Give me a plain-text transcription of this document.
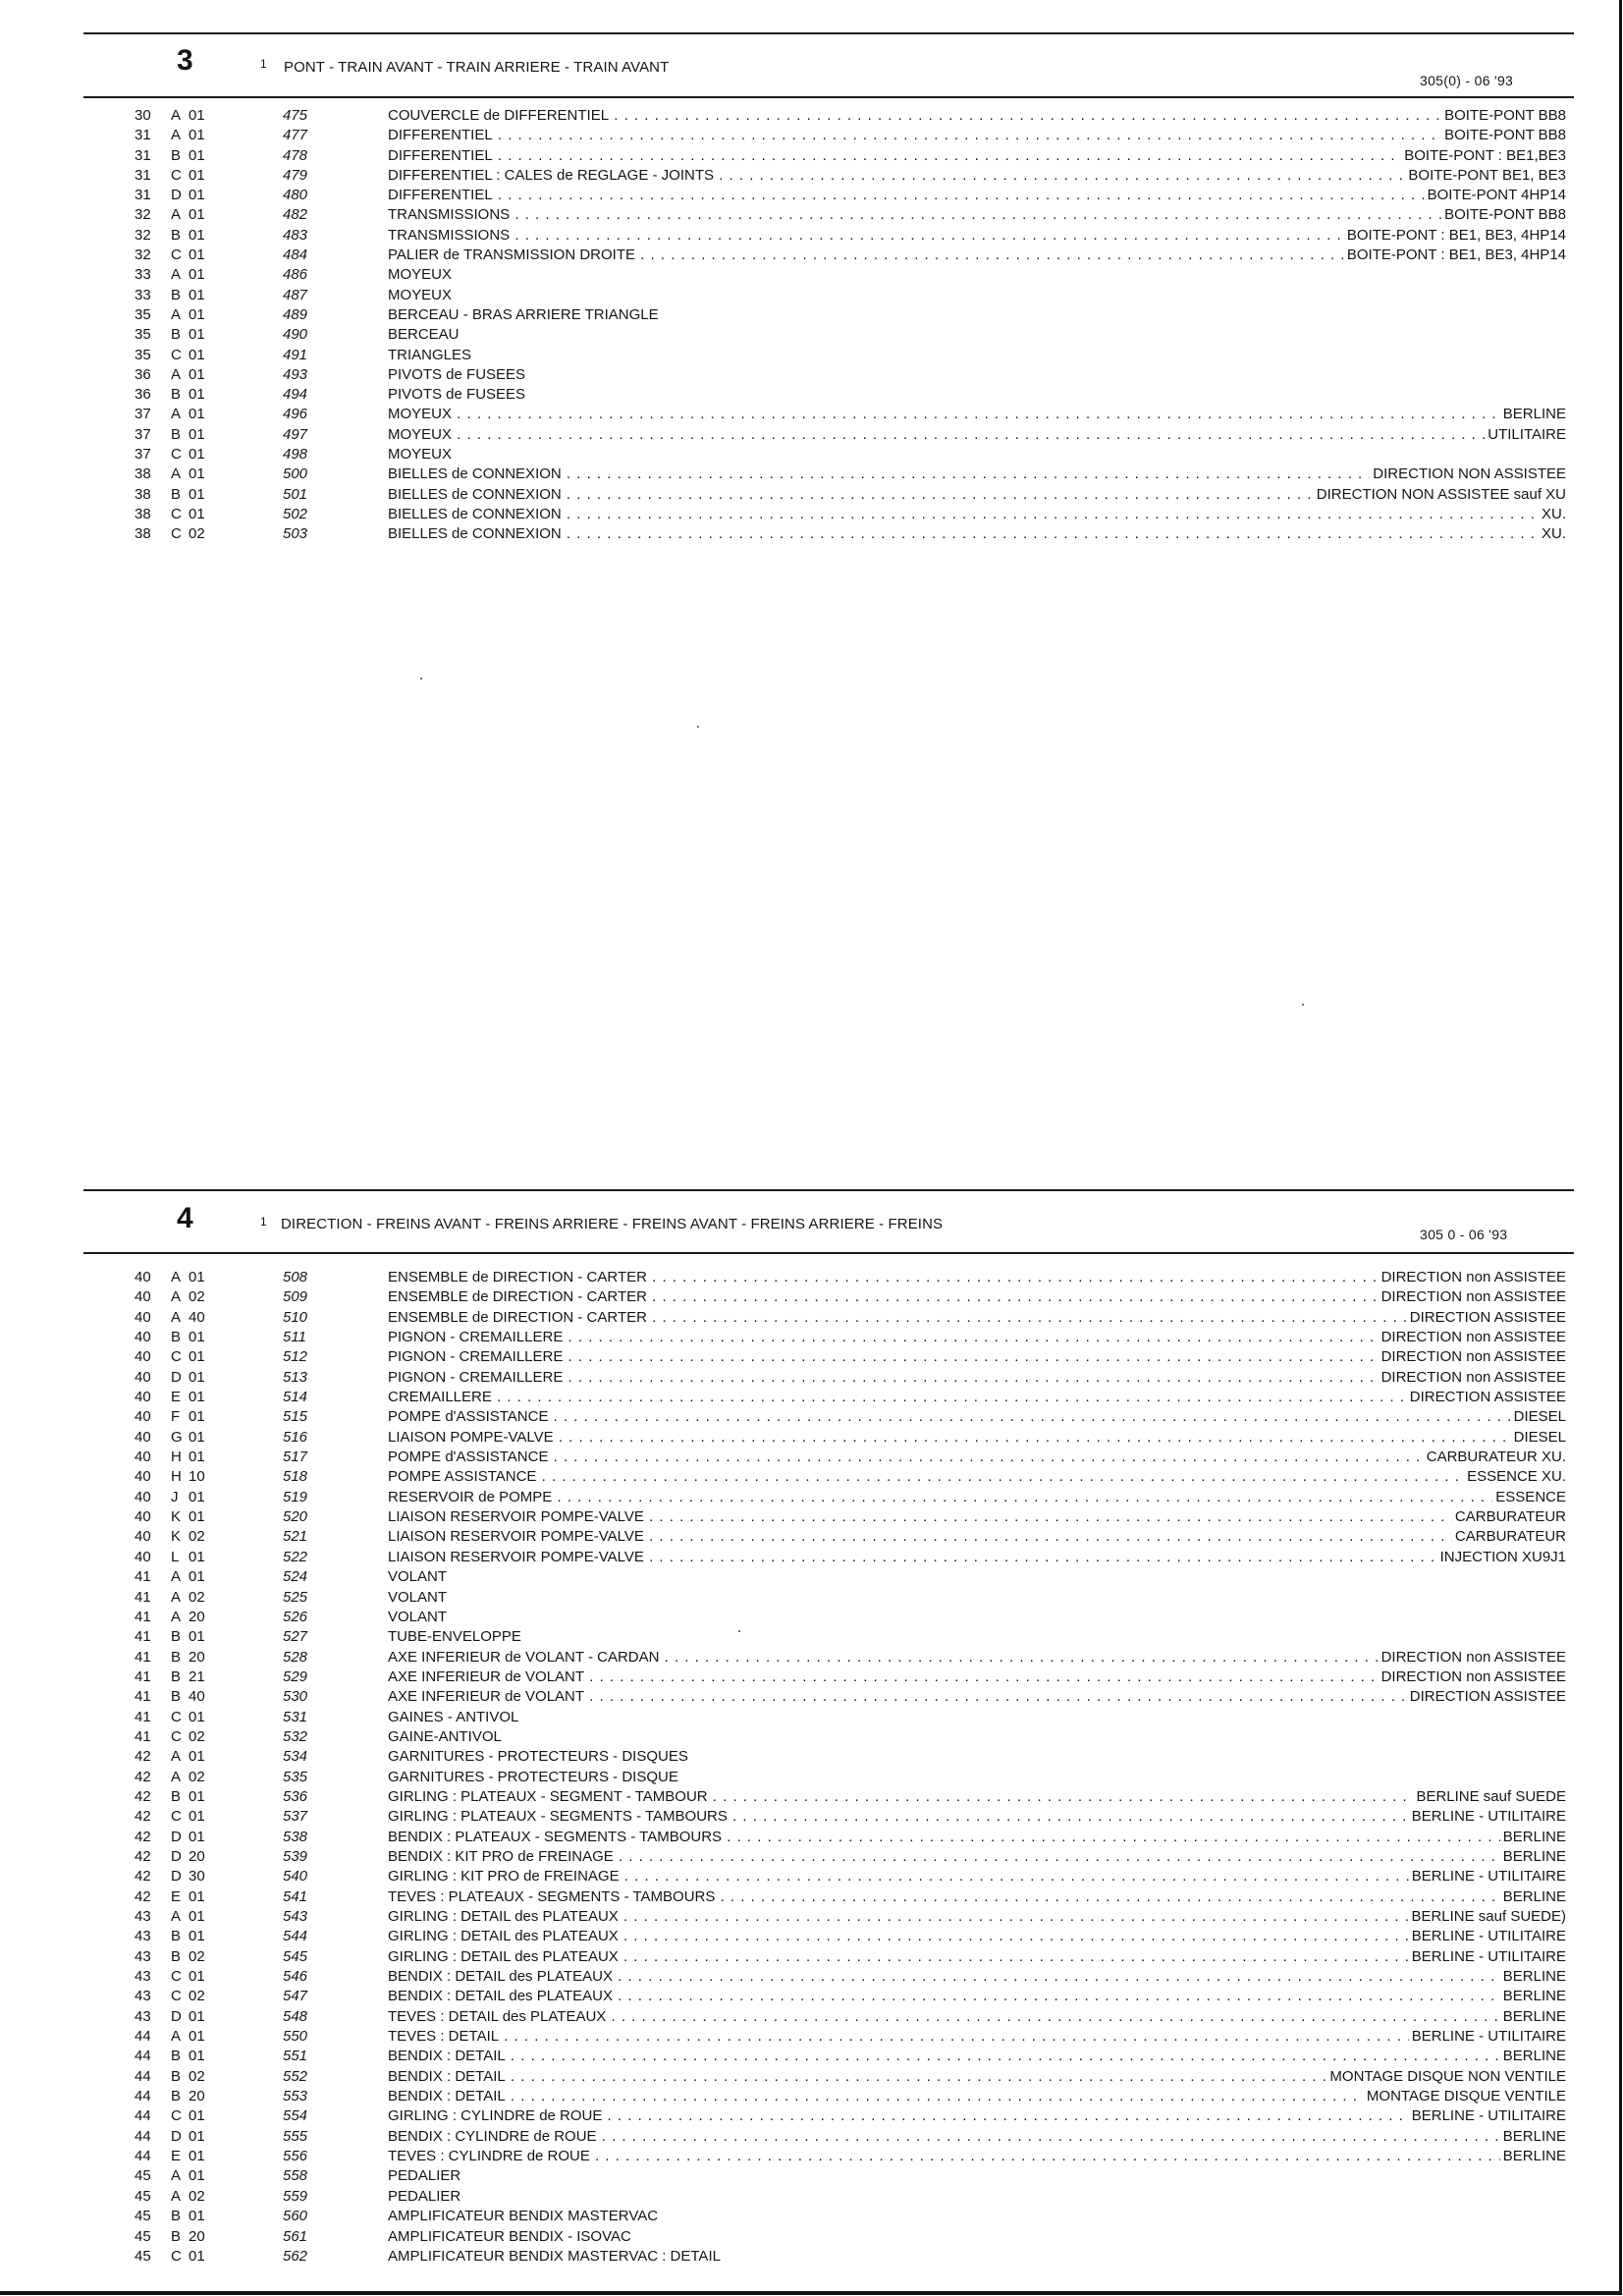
3	1 PONT - TRAIN AVANT - TRAIN ARRIERE - TRAIN AVANT
305(0) - 06 '93
30 A 01	475	COUVERCLE de DIFFERENTIEL . . .	BOITE-PONT BB8
31 A 01	477	DIFFERENTIEL . . .	BOITE-PONT BB8
31 B 01	478	DIFFERENTIEL . . .	BOITE-PONT : BE1,BE3
31 C 01	479	DIFFERENTIEL : CALES de REGLAGE - JOINTS . . .	BOITE-PONT BE1, BE3
31 D 01	480	DIFFERENTIEL . . .	BOITE-PONT 4HP14
32 A 01	482	TRANSMISSIONS . . .	BOITE-PONT BB8
32 B 01	483	TRANSMISSIONS . . .	BOITE-PONT : BE1, BE3, 4HP14
32 C 01	484	PALIER de TRANSMISSION DROITE . . .	BOITE-PONT : BE1, BE3, 4HP14
33 A 01	486	MOYEUX
33 B 01	487	MOYEUX
35 A 01	489	BERCEAU - BRAS ARRIERE TRIANGLE
35 B 01	490	BERCEAU
35 C 01	491	TRIANGLES
36 A 01	493	PIVOTS de FUSEES
36 B 01	494	PIVOTS de FUSEES
37 A 01	496	MOYEUX . . .	BERLINE
37 B 01	497	MOYEUX . . .	UTILITAIRE
37 C 01	498	MOYEUX
38 A 01	500	BIELLES de CONNEXION . . .	DIRECTION NON ASSISTEE
38 B 01	501	BIELLES de CONNEXION . . .	DIRECTION NON ASSISTEE sauf XU
38 C 01	502	BIELLES de CONNEXION . . .	XU.
38 C 02	503	BIELLES de CONNEXION . . .	XU.
4	1 DIRECTION - FREINS AVANT - FREINS ARRIERE - FREINS AVANT - FREINS ARRIERE - FREINS
305 0 - 06 '93
40 A 01	508	ENSEMBLE de DIRECTION - CARTER . . .	DIRECTION non ASSISTEE
40 A 02	509	ENSEMBLE de DIRECTION - CARTER . . .	DIRECTION non ASSISTEE
40 A 40	510	ENSEMBLE de DIRECTION - CARTER . . .	DIRECTION ASSISTEE
40 B 01	511	PIGNON - CREMAILLERE . . .	DIRECTION non ASSISTEE
40 C 01	512	PIGNON - CREMAILLERE . . .	DIRECTION non ASSISTEE
40 D 01	513	PIGNON - CREMAILLERE . . .	DIRECTION non ASSISTEE
40 E 01	514	CREMAILLERE . . .	DIRECTION ASSISTEE
40 F 01	515	POMPE d'ASSISTANCE . . .	DIESEL
40 G 01	516	LIAISON POMPE-VALVE . . .	DIESEL
40 H 01	517	POMPE d'ASSISTANCE . . .	CARBURATEUR XU.
40 H 10	518	POMPE ASSISTANCE . . .	ESSENCE XU.
40 J 01	519	RESERVOIR de POMPE . . .	ESSENCE
40 K 01	520	LIAISON RESERVOIR POMPE-VALVE . . .	CARBURATEUR
40 K 02	521	LIAISON RESERVOIR POMPE-VALVE . . .	CARBURATEUR
40 L 01	522	LIAISON RESERVOIR POMPE-VALVE . . .	INJECTION XU9J1
41 A 01	524	VOLANT
41 A 02	525	VOLANT
41 A 20	526	VOLANT
41 B 01	527	TUBE-ENVELOPPE
41 B 20	528	AXE INFERIEUR de VOLANT - CARDAN . . .	DIRECTION non ASSISTEE
41 B 21	529	AXE INFERIEUR de VOLANT . . .	DIRECTION non ASSISTEE
41 B 40	530	AXE INFERIEUR de VOLANT . . .	DIRECTION ASSISTEE
41 C 01	531	GAINES - ANTIVOL
41 C 02	532	GAINE-ANTIVOL
42 A 01	534	GARNITURES - PROTECTEURS - DISQUES
42 A 02	535	GARNITURES - PROTECTEURS - DISQUE
42 B 01	536	GIRLING : PLATEAUX - SEGMENT - TAMBOUR . . .	BERLINE sauf SUEDE
42 C 01	537	GIRLING : PLATEAUX - SEGMENTS - TAMBOURS . . .	BERLINE - UTILITAIRE
42 D 01	538	BENDIX : PLATEAUX - SEGMENTS - TAMBOURS . . .	BERLINE
42 D 20	539	BENDIX : KIT PRO de FREINAGE . . .	BERLINE
42 D 30	540	GIRLING : KIT PRO de FREINAGE . . .	BERLINE - UTILITAIRE
42 E 01	541	TEVES : PLATEAUX - SEGMENTS - TAMBOURS . . .	BERLINE
43 A 01	543	GIRLING : DETAIL des PLATEAUX . . .	BERLINE sauf SUEDE)
43 B 01	544	GIRLING : DETAIL des PLATEAUX . . .	BERLINE - UTILITAIRE
43 B 02	545	GIRLING : DETAIL des PLATEAUX . . .	BERLINE - UTILITAIRE
43 C 01	546	BENDIX : DETAIL des PLATEAUX . . .	BERLINE
43 C 02	547	BENDIX : DETAIL des PLATEAUX . . .	BERLINE
43 D 01	548	TEVES : DETAIL des PLATEAUX . . .	BERLINE
44 A 01	550	TEVES : DETAIL . . .	BERLINE - UTILITAIRE
44 B 01	551	BENDIX : DETAIL . . .	BERLINE
44 B 02	552	BENDIX : DETAIL . . .	MONTAGE DISQUE NON VENTILE
44 B 20	553	BENDIX : DETAIL . . .	MONTAGE DISQUE VENTILE
44 C 01	554	GIRLING : CYLINDRE de ROUE . . .	BERLINE - UTILITAIRE
44 D 01	555	BENDIX : CYLINDRE de ROUE . . .	BERLINE
44 E 01	556	TEVES : CYLINDRE de ROUE . . .	BERLINE
45 A 01	558	PEDALIER
45 A 02	559	PEDALIER
45 B 01	560	AMPLIFICATEUR BENDIX MASTERVAC
45 B 20	561	AMPLIFICATEUR BENDIX - ISOVAC
45 C 01	562	AMPLIFICATEUR BENDIX MASTERVAC : DETAIL
